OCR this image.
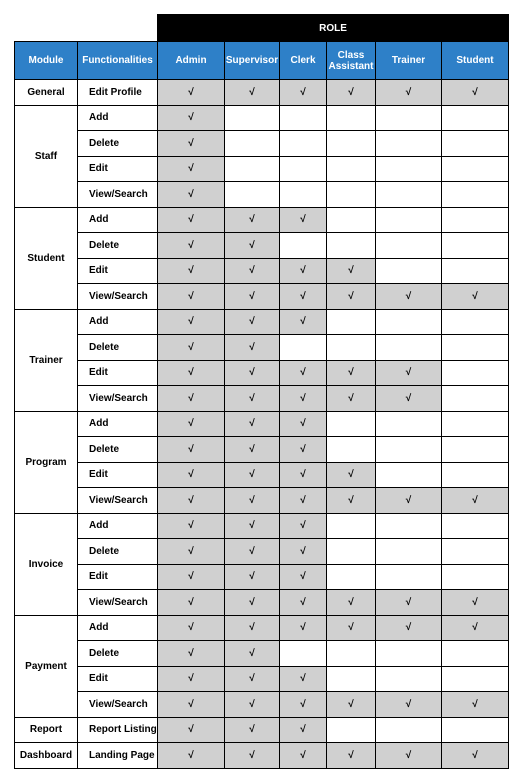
		ROLE					
Module	Functionalities	Admin	Supervisor	Clerk	Class Assistant	Trainer	Student
General	Edit Profile	√	√	√	√	√	√
Staff	Add	√					
	Delete	√					
	Edit	√					
	View/Search	√					
Student	Add	√	√	√			
	Delete	√	√				
	Edit	√	√	√	√		
	View/Search	√	√	√	√	√	√
Trainer	Add	√	√	√			
	Delete	√	√				
	Edit	√	√	√	√	√	
	View/Search	√	√	√	√	√	
Program	Add	√	√	√			
	Delete	√	√	√			
	Edit	√	√	√	√		
	View/Search	√	√	√	√	√	√
Invoice	Add	√	√	√			
	Delete	√	√	√			
	Edit	√	√	√			
	View/Search	√	√	√	√	√	√
Payment	Add	√	√	√	√	√	√
	Delete	√	√				
	Edit	√	√	√			
	View/Search	√	√	√	√	√	√
Report	Report Listing	√	√	√			
Dashboard	Landing Page	√	√	√	√	√	√
